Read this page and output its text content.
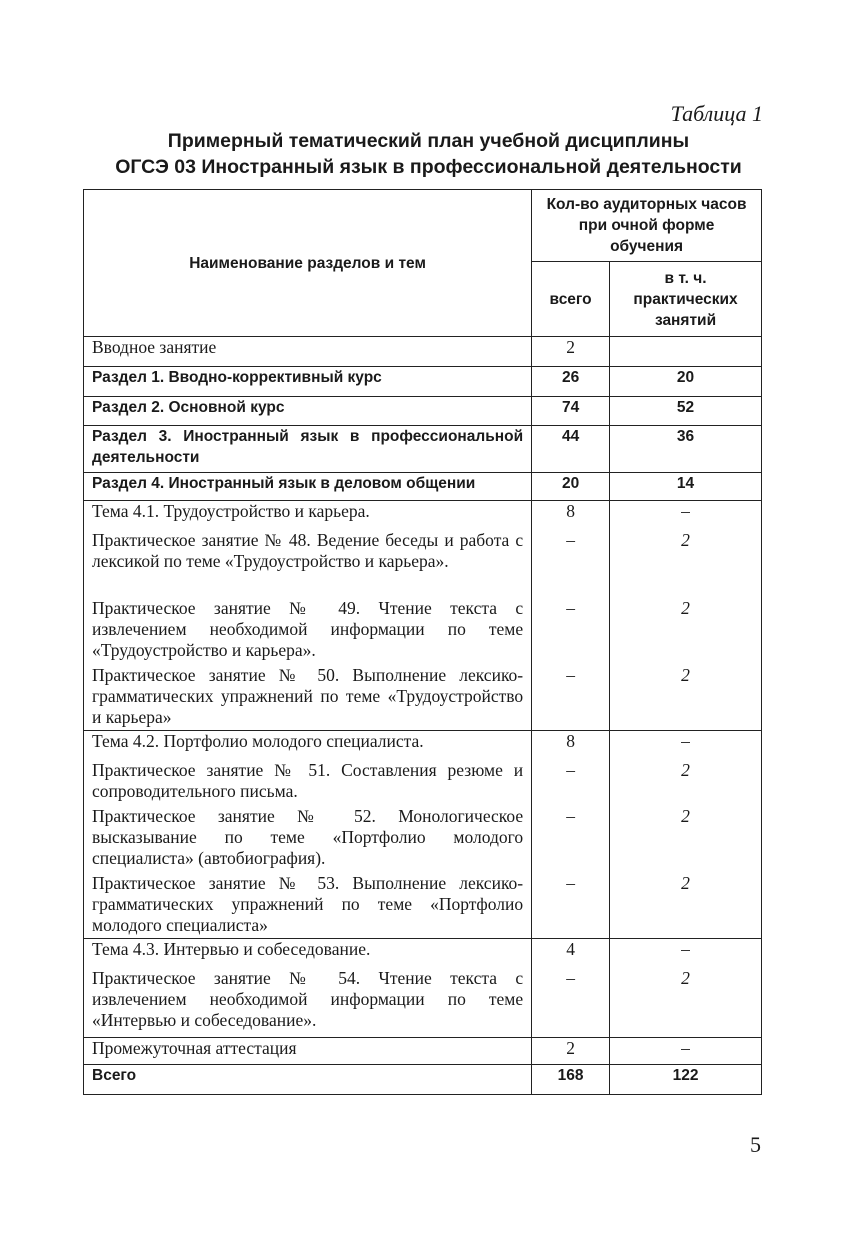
Таблица 1
Примерный тематический план учебной дисциплины
ОГСЭ 03 Иностранный язык в профессиональной деятельности
Наименование разделов и тем	Кол-во аудиторных часов при очной форме обучения	
	всего	в т. ч. практических занятий
Вводное занятие	2	
Раздел 1. Вводно-коррективный курс	26	20
Раздел 2. Основной курс	74	52
Раздел 3. Иностранный язык в профессиональной деятельности	44	36
Раздел 4. Иностранный язык в деловом общении	20	14
Тема 4.1. Трудоустройство и карьера.	8	–
Практическое занятие № 48. Ведение беседы и работа с лексикой по теме «Трудоустройство и карьера».	–	2
Практическое занятие № 49. Чтение текста с извлечением необходимой информации по теме «Трудоустройство и карьера».	–	2
Практическое занятие № 50. Выполнение лексико-грамматических упражнений по теме «Трудоустройство и карьера»	–	2
Тема 4.2. Портфолио молодого специалиста.	8	–
Практическое занятие № 51. Составления резюме и сопроводительного письма.	–	2
Практическое занятие № 52. Монологическое высказывание по теме «Портфолио молодого специалиста» (автобиография).	–	2
Практическое занятие № 53. Выполнение лексико-грамматических упражнений по теме «Портфолио молодого специалиста»	–	2
Тема 4.3. Интервью и собеседование.	4	–
Практическое занятие № 54. Чтение текста с извлечением необходимой информации по теме «Интервью и собеседование».	–	2
Промежуточная аттестация	2	–
Всего	168	122
5
